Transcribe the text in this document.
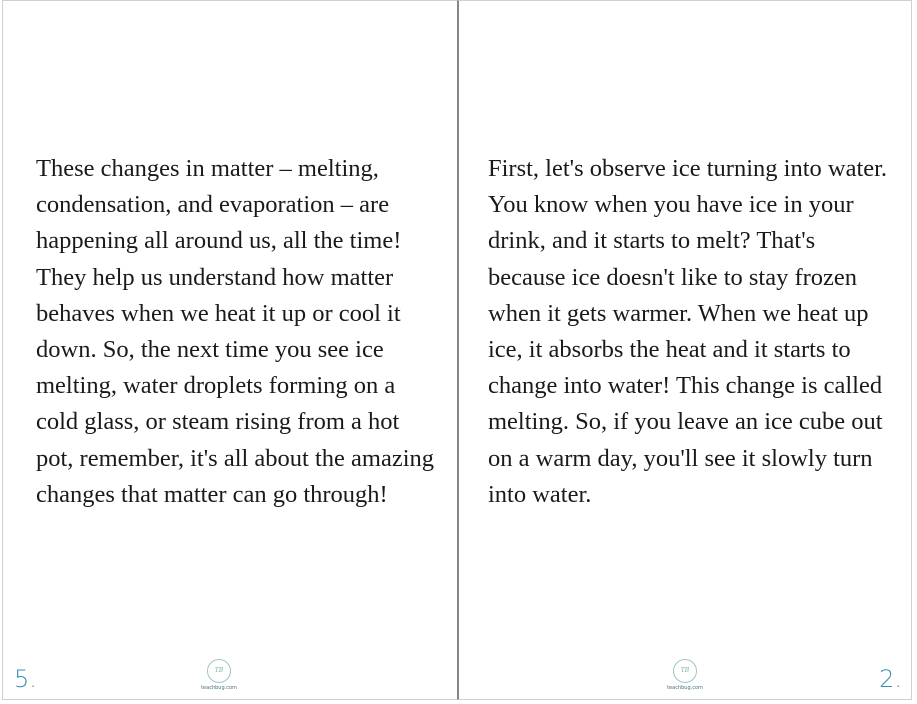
These changes in matter – melting, condensation, and evaporation – are happening all around us, all the time! They help us understand how matter behaves when we heat it up or cool it down. So, the next time you see ice melting, water droplets forming on a cold glass, or steam rising from a hot pot, remember, it's all about the amazing changes that matter can go through!
TB
teachbug.com
5.
First, let's observe ice turning into water. You know when you have ice in your drink, and it starts to melt? That's because ice doesn't like to stay frozen when it gets warmer. When we heat up ice, it absorbs the heat and it starts to change into water! This change is called melting. So, if you leave an ice cube out on a warm day, you'll see it slowly turn into water.
TB
teachbug.com	2.
